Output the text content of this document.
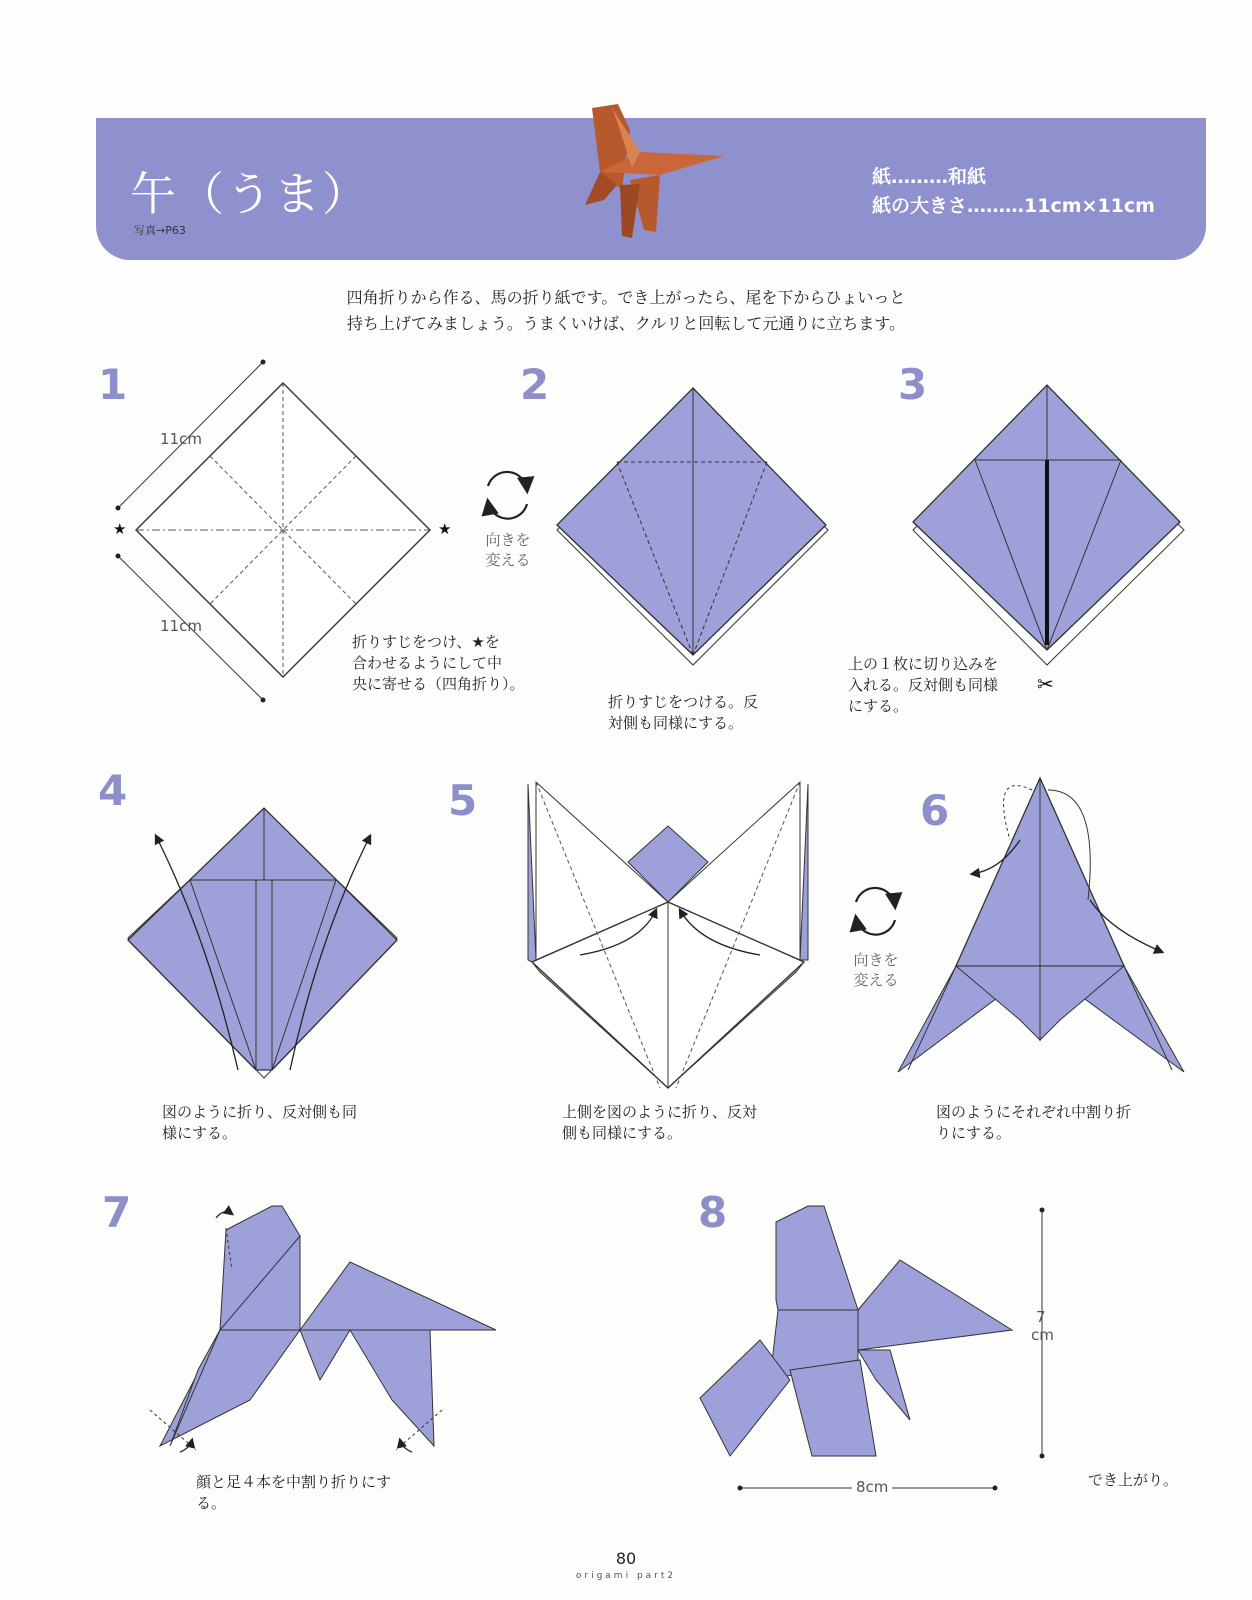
午（うま）
写真→P63
紙………和紙
紙の大きさ………11cm×11cm
四角折りから作る、馬の折り紙です。でき上がったら、尾を下からひょいっと
持ち上げてみましょう。うまくいけば、クルリと回転して元通りに立ちます。
1	2	3
4	5	6
7	8
11cm
11cm
★	★
✂
7
cm
8cm
向きを
変える
向きを
変える
折りすじをつけ、★を
合わせるようにして中
央に寄せる（四角折り）。
折りすじをつける。反
対側も同様にする。
上の１枚に切り込みを
入れる。反対側も同様
にする。
図のように折り、反対側も同
様にする。
上側を図のように折り、反対
側も同様にする。
図のようにそれぞれ中割り折
りにする。
顔と足４本を中割り折りにす
る。
でき上がり。
80
origami part2
